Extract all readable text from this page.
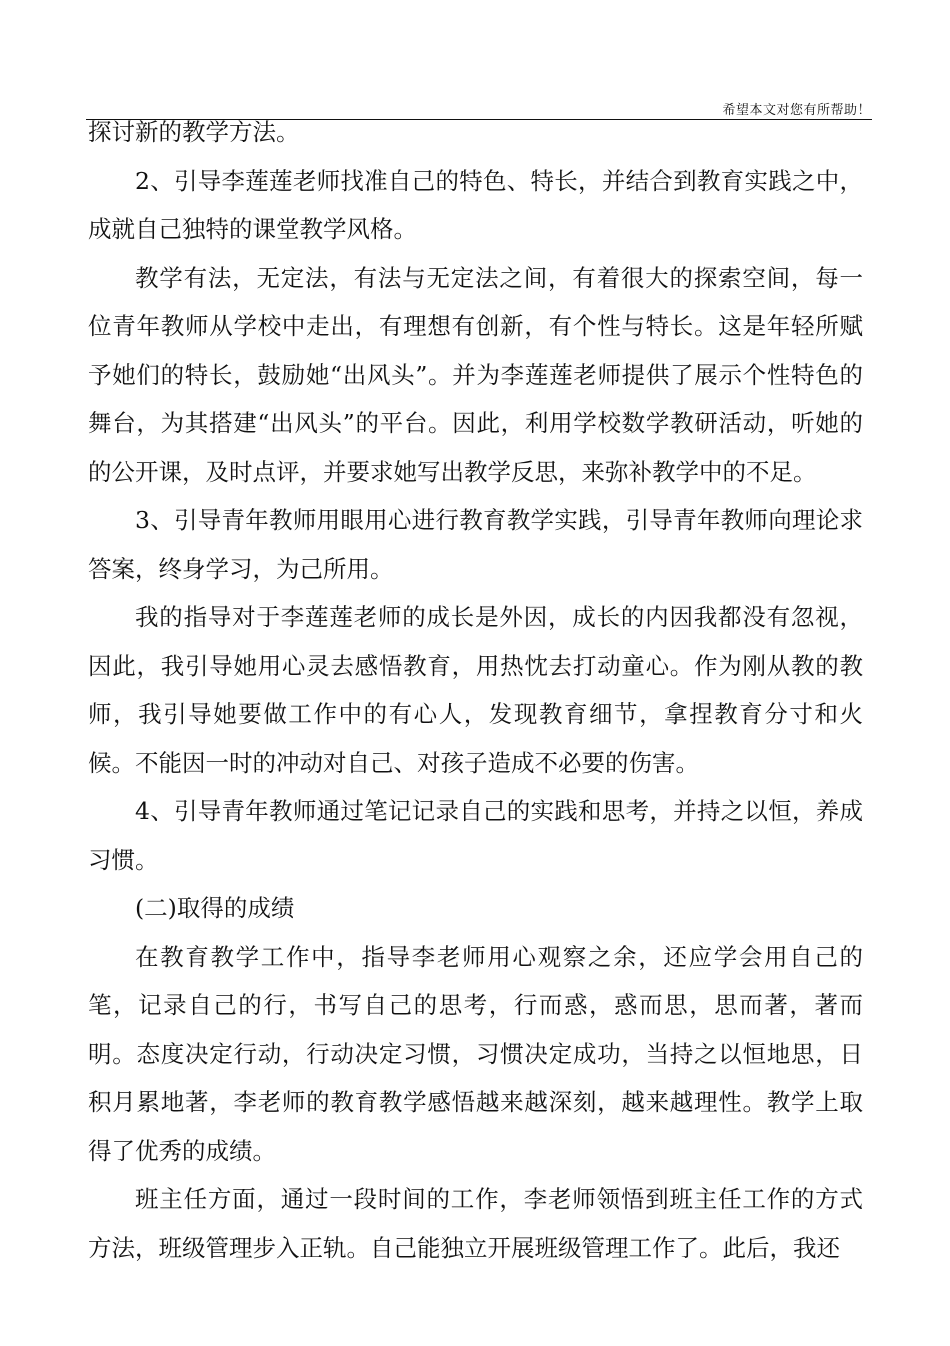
希望本文对您有所帮助！

探讨新的教学方法。

2、引导李莲莲老师找准自己的特色、特长，并结合到教育实践之中，成就自己独特的课堂教学风格。

教学有法，无定法，有法与无定法之间，有着很大的探索空间，每一位青年教师从学校中走出，有理想有创新，有个性与特长。这是年轻所赋予她们的特长，鼓励她“出风头”。并为李莲莲老师提供了展示个性特色的舞台，为其搭建“出风头”的平台。因此，利用学校数学教研活动，听她的的公开课，及时点评，并要求她写出教学反思，来弥补教学中的不足。

3、引导青年教师用眼用心进行教育教学实践，引导青年教师向理论求答案，终身学习，为己所用。

我的指导对于李莲莲老师的成长是外因，成长的内因我都没有忽视，因此，我引导她用心灵去感悟教育，用热忱去打动童心。作为刚从教的教师，我引导她要做工作中的有心人，发现教育细节，拿捏教育分寸和火候。不能因一时的冲动对自己、对孩子造成不必要的伤害。

4、引导青年教师通过笔记记录自己的实践和思考，并持之以恒，养成习惯。

(二)取得的成绩

在教育教学工作中，指导李老师用心观察之余，还应学会用自己的笔，记录自己的行，书写自己的思考，行而惑，惑而思，思而著，著而明。态度决定行动，行动决定习惯，习惯决定成功，当持之以恒地思，日积月累地著，李老师的教育教学感悟越来越深刻，越来越理性。教学上取得了优秀的成绩。

班主任方面，通过一段时间的工作，李老师领悟到班主任工作的方式方法，班级管理步入正轨。自己能独立开展班级管理工作了。此后，我还
